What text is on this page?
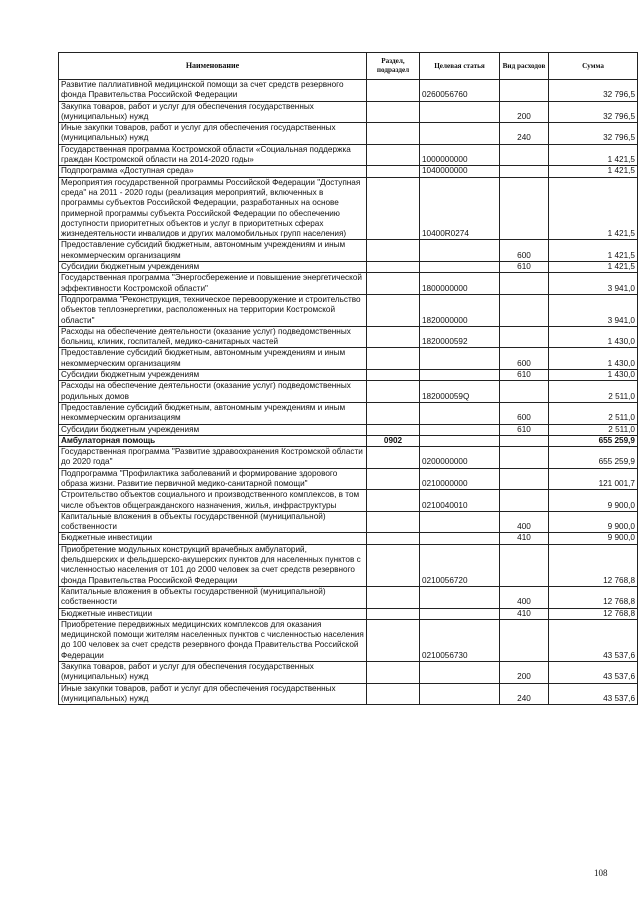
Наименование	Раздел, подраздел	Целевая статья	Вид расходов	Сумма
Развитие паллиативной медицинской помощи за счет средств резервного фонда Правительства Российской Федерации		0260056760		32 796,5
Закупка товаров, работ и услуг для обеспечения государственных (муниципальных) нужд			200	32 796,5
Иные закупки товаров, работ и услуг для обеспечения государственных (муниципальных) нужд			240	32 796,5
Государственная программа Костромской области «Социальная поддержка граждан Костромской области на 2014-2020 годы»		1000000000		1 421,5
Подпрограмма «Доступная среда»		1040000000		1 421,5
Мероприятия государственной программы Российской Федерации "Доступная среда" на 2011 - 2020 годы (реализация мероприятий, включенных в программы субъектов Российской Федерации, разработанных на основе примерной программы субъекта Российской Федерации по обеспечению доступности приоритетных объектов и услуг в приоритетных сферах жизнедеятельности инвалидов и других маломобильных групп населения)		10400R0274		1 421,5
Предоставление субсидий бюджетным, автономным учреждениям и иным некоммерческим организациям			600	1 421,5
Субсидии бюджетным учреждениям			610	1 421,5
Государственная программа "Энергосбережение и повышение энергетической эффективности Костромской области"		1800000000		3 941,0
Подпрограмма "Реконструкция, техническое перевооружение и строительство объектов теплоэнергетики, расположенных на территории Костромской области"		1820000000		3 941,0
Расходы на обеспечение деятельности (оказание услуг) подведомственных больниц, клиник, госпиталей, медико-санитарных частей		1820000592		1 430,0
Предоставление субсидий бюджетным, автономным учреждениям и иным некоммерческим организациям			600	1 430,0
Субсидии бюджетным учреждениям			610	1 430,0
Расходы на обеспечение деятельности (оказание услуг) подведомственных родильных домов		182000059Q		2 511,0
Предоставление субсидий бюджетным, автономным учреждениям и иным некоммерческим организациям			600	2 511,0
Субсидии бюджетным учреждениям			610	2 511,0
Амбулаторная помощь	0902			655 259,9
Государственная программа "Развитие здравоохранения Костромской области до 2020 года"		0200000000		655 259,9
Подпрограмма "Профилактика заболеваний и формирование здорового образа жизни. Развитие первичной медико-санитарной помощи"		0210000000		121 001,7
Строительство объектов социального и производственного комплексов, в том числе объектов общегражданского назначения, жилья, инфраструктуры		0210040010		9 900,0
Капитальные вложения в объекты государственной (муниципальной) собственности			400	9 900,0
Бюджетные инвестиции			410	9 900,0
Приобретение модульных конструкций врачебных амбулаторий, фельдшерских и фельдшерско-акушерских пунктов для населенных пунктов с численностью населения от 101 до 2000 человек за счет средств резервного фонда Правительства Российской Федерации		0210056720		12 768,8
Капитальные вложения в объекты государственной (муниципальной) собственности			400	12 768,8
Бюджетные инвестиции			410	12 768,8
Приобретение передвижных медицинских комплексов для оказания медицинской помощи жителям населенных пунктов с численностью населения до 100 человек за счет средств резервного фонда Правительства Российской Федерации		0210056730		43 537,6
Закупка товаров, работ и услуг для обеспечения государственных (муниципальных) нужд			200	43 537,6
Иные закупки товаров, работ и услуг для обеспечения государственных (муниципальных) нужд			240	43 537,6
108
